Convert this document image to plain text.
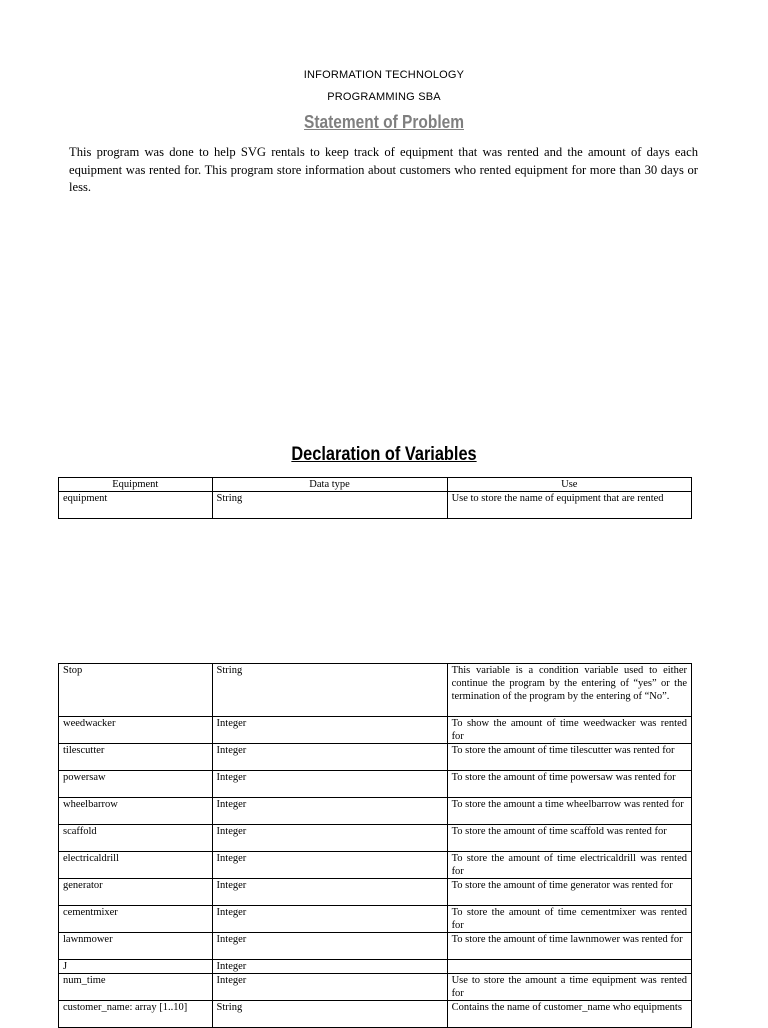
INFORMATION TECHNOLOGY
PROGRAMMING SBA
Statement of Problem
This program was done to help SVG rentals to keep track of equipment that was rented and the amount of days each equipment was rented for. This program store information about customers who rented equipment for more than 30 days or less.
Declaration of Variables
Equipment	Data type	Use
equipment	String	Use to store the name of equipment that are rented
Stop	String	This variable is a condition variable used to either continue the program by the entering of “yes” or the termination of the program by the entering of “No”.
weedwacker	Integer	To show the amount of time weedwacker was rented for
tilescutter	Integer	To store the amount of time tilescutter was rented for
powersaw	Integer	To store the amount of time powersaw was rented for
wheelbarrow	Integer	To store the amount a time wheelbarrow was rented for
scaffold	Integer	To store the amount of time scaffold was rented for
electricaldrill	Integer	To store the amount of time electricaldrill was rented for
generator	Integer	To store the amount of time generator was rented for
cementmixer	Integer	To store the amount of time cementmixer was rented for
lawnmower	Integer	To store the amount of time lawnmower was rented for
J	Integer	
num_time	Integer	Use to store the amount a time equipment was rented for
customer_name: array [1..10]	String	Contains the name of customer_name who equipments
